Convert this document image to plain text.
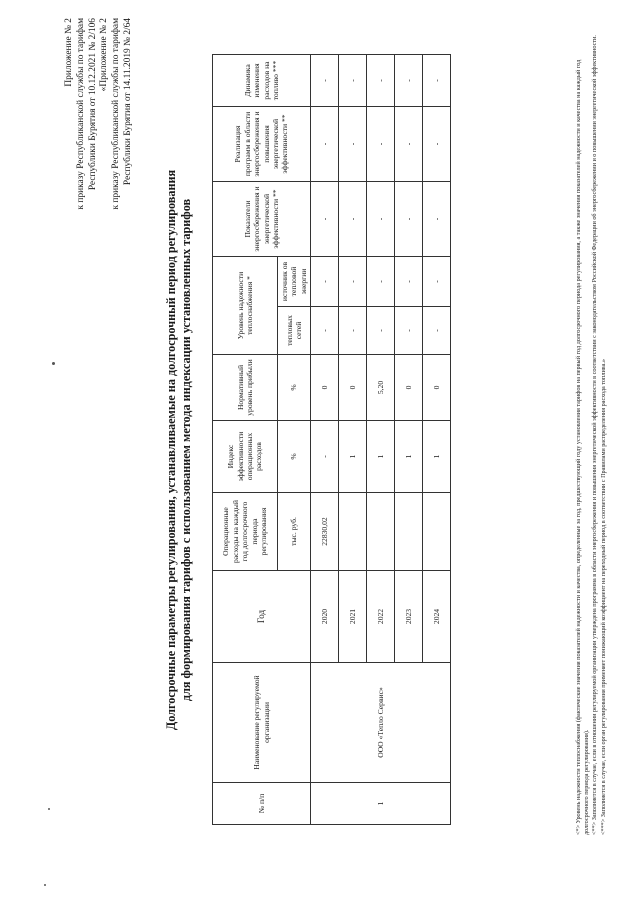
Приложение № 2 к приказу Республиканской службы по тарифам Республики Бурятия от 10.12.2021 № 2/106 «Приложение № 2 к приказу Республиканской службы по тарифам Республики Бурятия от 14.11.2019 № 2/64
Долгосрочные параметры регулирования, устанавливаемые на долгосрочный период регулирования для формирования тарифов с использованием метода индексации установленных тарифов
№ п/п	Наименование регулируемой организации	Год	Операционные расходы на каждый год долгосрочного периода регулирования	Индекс эффективности операционных расходов	Нормативный уровень прибыли	Уровень надежности теплоснабжения *		Показатели энергосбережения и энергетической эффективности **	Реализация программ в области энергосбережения и повышения энергетической эффективности **	Динамика изменения расходов на топливо ***
						тепловых сетей	источник ов тепловой энергии			
			тыс. руб.	%	%					
1	ООО «Тепло Сервис»	2020	22830,02	-	0	-	-	-	-	-
		2021		1	0	-	-	-	-	-
		2022		1	5,20	-	-	-	-	-
		2023		1	0	-	-	-	-	-
		2024		1	0	-	-	-	-	-	<*> Уровень надежности теплоснабжения (фактические значения показателей надежности и качества, определенные за год, предшествующий году установления тарифов на первый год долгосрочного периода регулирования, а также значения показателей надежности и качества на каждый год долгосрочного периода регулирования). <**> Заполняется в случае, если в отношении регулируемой организации утверждена программа в области энергосбережения и повышения энергетической эффективности в соответствии с законодательством Российской Федерации об энергосбережении и о повышении энергетической эффективности. <***> Заполняется в случае, если орган регулирования применяет понижающий коэффициент на переходный период в соответствии с Правилами распределения расхода топлива.»
